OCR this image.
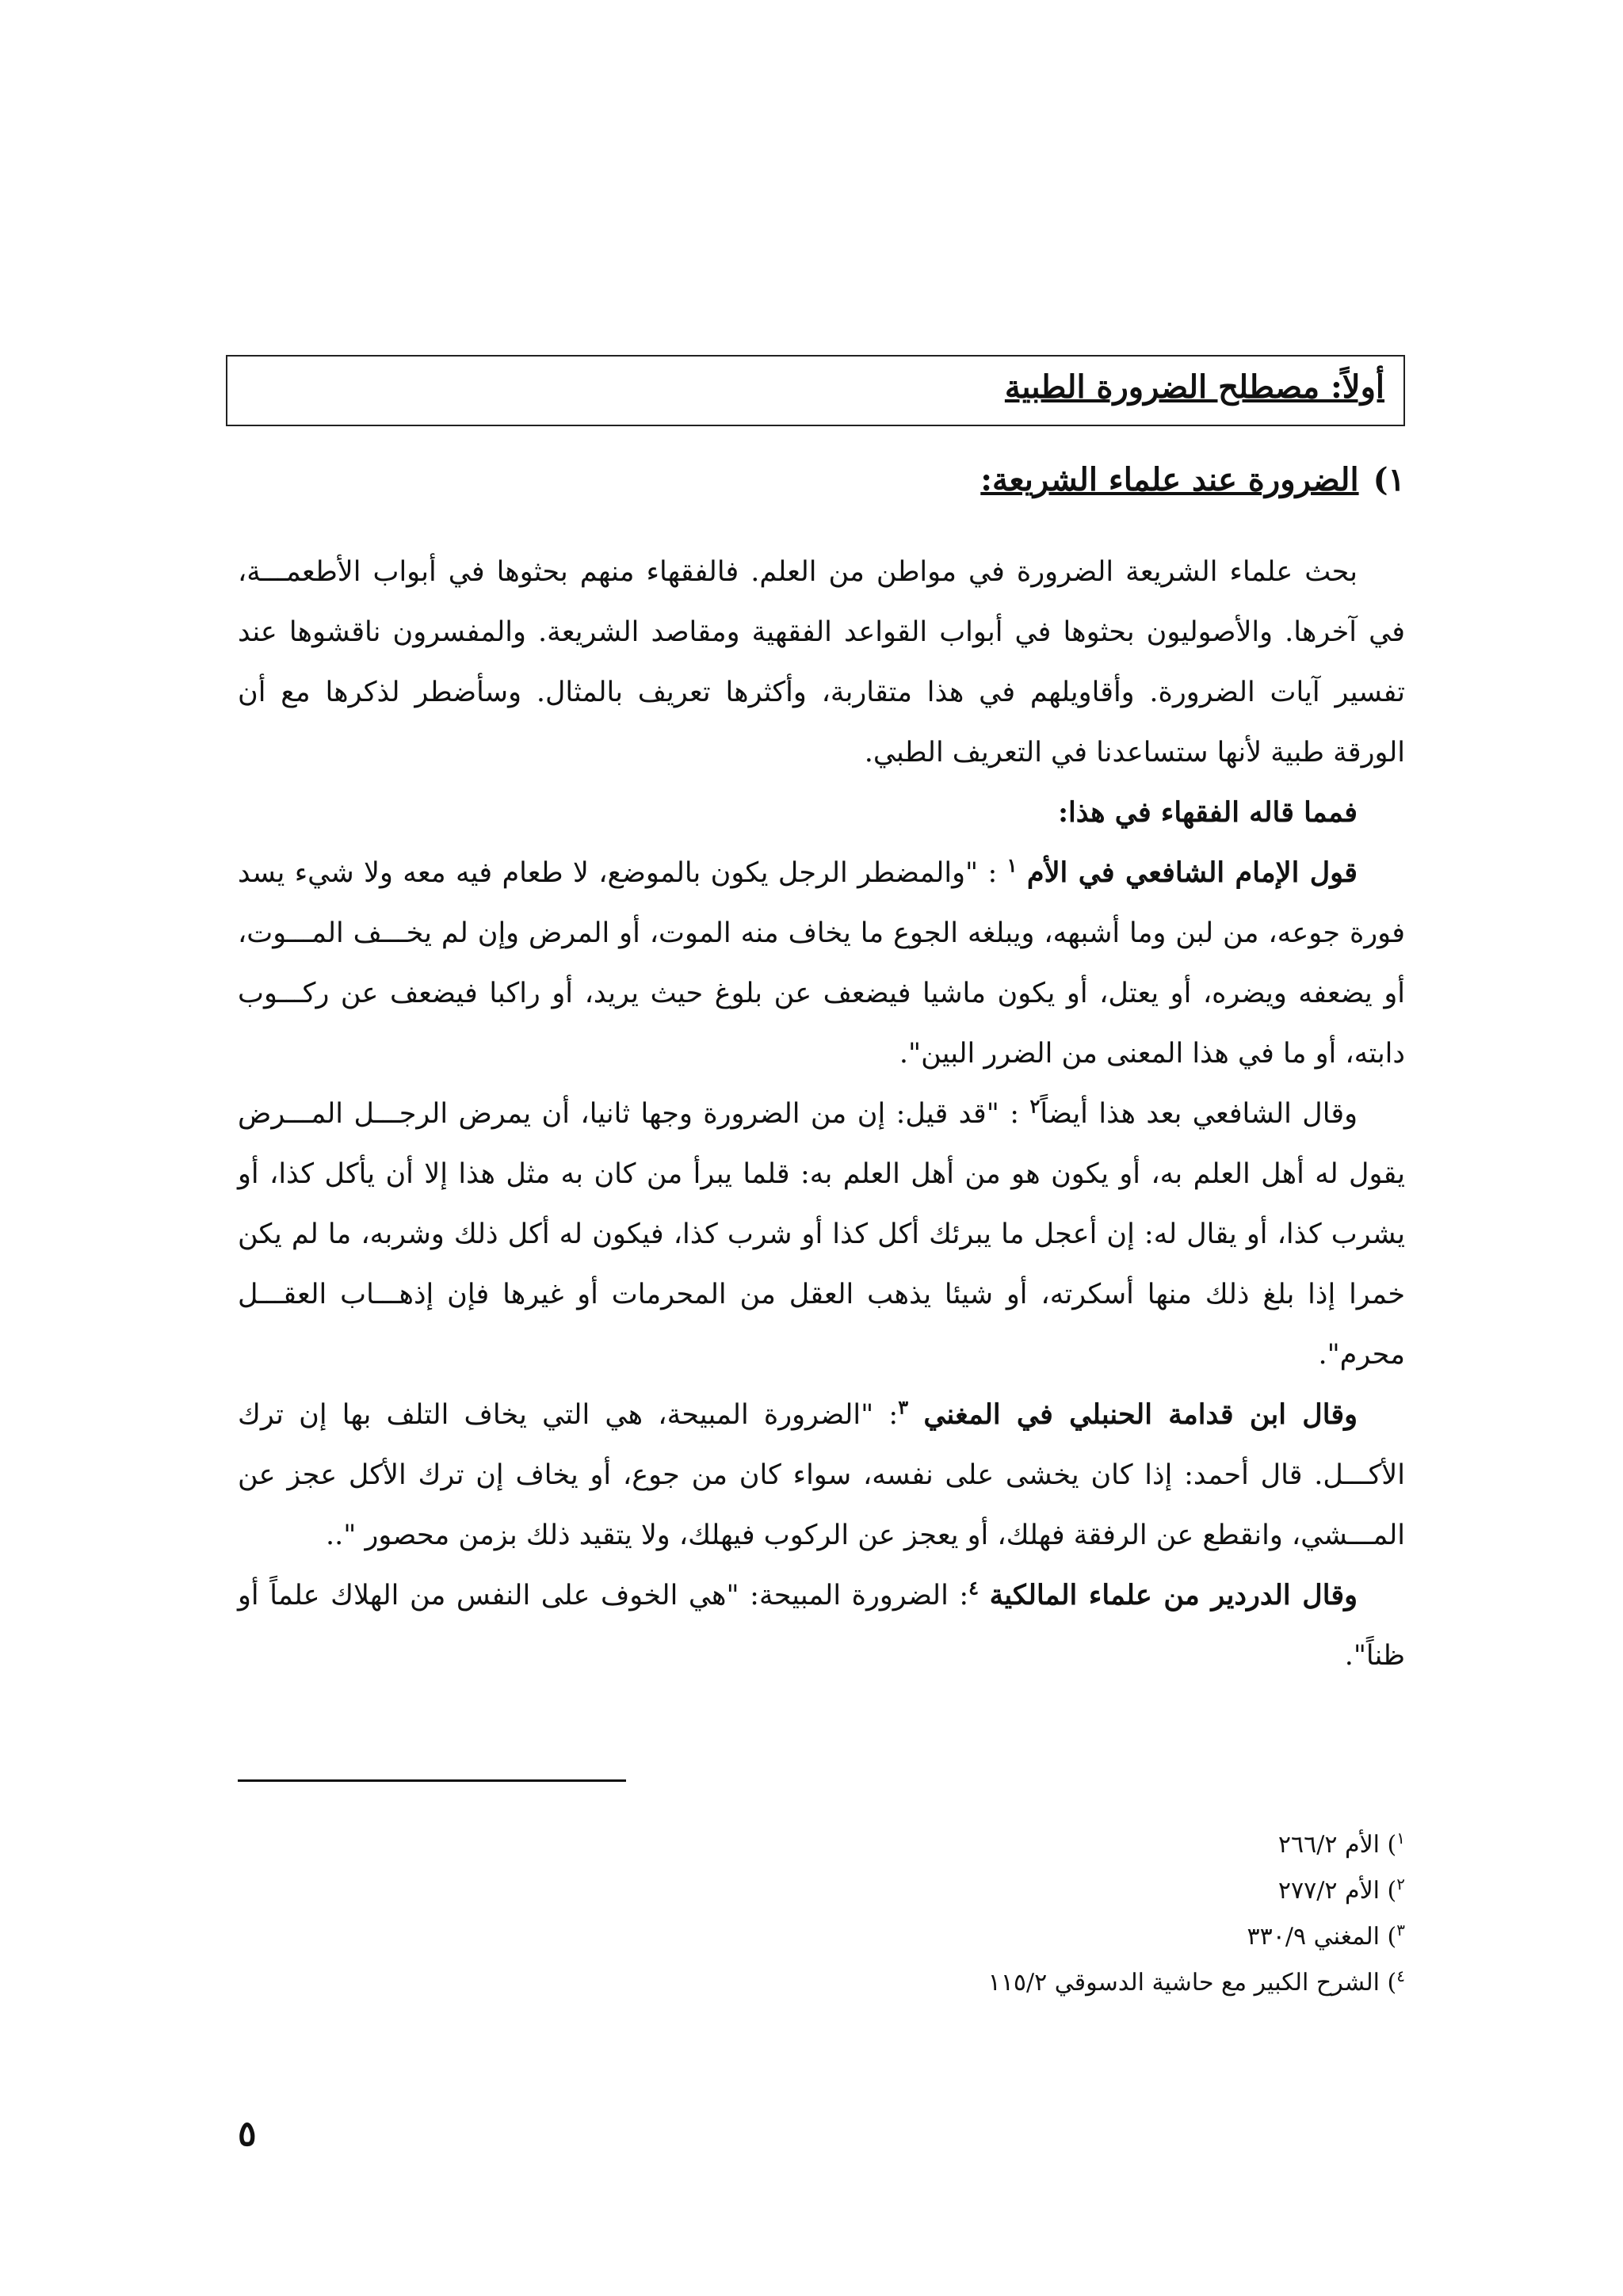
أولاً: مصطلح الضرورة الطبية
١)الضرورة عند علماء الشريعة:

بحث علماء الشريعة الضرورة في مواطن من العلم. فالفقهاء منهم بحثوها في أبواب الأطعمـــة، في آخرها. والأصوليون بحثوها في أبواب القواعد الفقهية ومقاصد الشريعة. والمفسرون ناقشوها عند تفسير آيات الضرورة. وأقاويلهم في هذا متقاربة، وأكثرها تعريف بالمثال. وسأضطر لذكرها مع أن الورقة طبية لأنها ستساعدنا في التعريف الطبي.

فمما قاله الفقهاء في هذا:

قول الإمام الشافعي في الأم $^١$ : "والمضطر الرجل يكون بالموضع، لا طعام فيه معه ولا شيء يسد فورة جوعه، من لبن وما أشبهه، ويبلغه الجوع ما يخاف منه الموت، أو المرض وإن لم يخـــف المـــوت، أو يضعفه ويضره، أو يعتل، أو يكون ماشيا فيضعف عن بلوغ حيث يريد، أو راكبا فيضعف عن ركـــوب دابته، أو ما في هذا المعنى من الضرر البين".

وقال الشافعي بعد هذا أيضاً$^٢$ : "قد قيل: إن من الضرورة وجها ثانيا، أن يمرض الرجـــل المـــرض يقول له أهل العلم به، أو يكون هو من أهل العلم به: قلما يبرأ من كان به مثل هذا إلا أن يأكل كذا، أو يشرب كذا، أو يقال له: إن أعجل ما يبرئك أكل كذا أو شرب كذا، فيكون له أكل ذلك وشربه، ما لم يكن خمرا إذا بلغ ذلك منها أسكرته، أو شيئا يذهب العقل من المحرمات أو غيرها فإن إذهـــاب العقـــل محرم".

وقال ابن قدامة الحنبلي في المغني $^٣$: "الضرورة المبيحة، هي التي يخاف التلف بها إن ترك الأكـــل. قال أحمد: إذا كان يخشى على نفسه، سواء كان من جوع، أو يخاف إن ترك الأكل عجز عن المـــشي، وانقطع عن الرفقة فهلك، أو يعجز عن الركوب فيهلك، ولا يتقيد ذلك بزمن محصور "..

وقال الدردير من علماء المالكية $^٤$: الضرورة المبيحة: "هي الخوف على النفس من الهلاك علماً أو ظناً".

$^١$) الأم ٢٦٦/٢
$^٢$) الأم ٢٧٧/٢
$^٣$) المغني ٣٣٠/٩
$^٤$) الشرح الكبير مع حاشية الدسوقي ١١٥/٢
٥
